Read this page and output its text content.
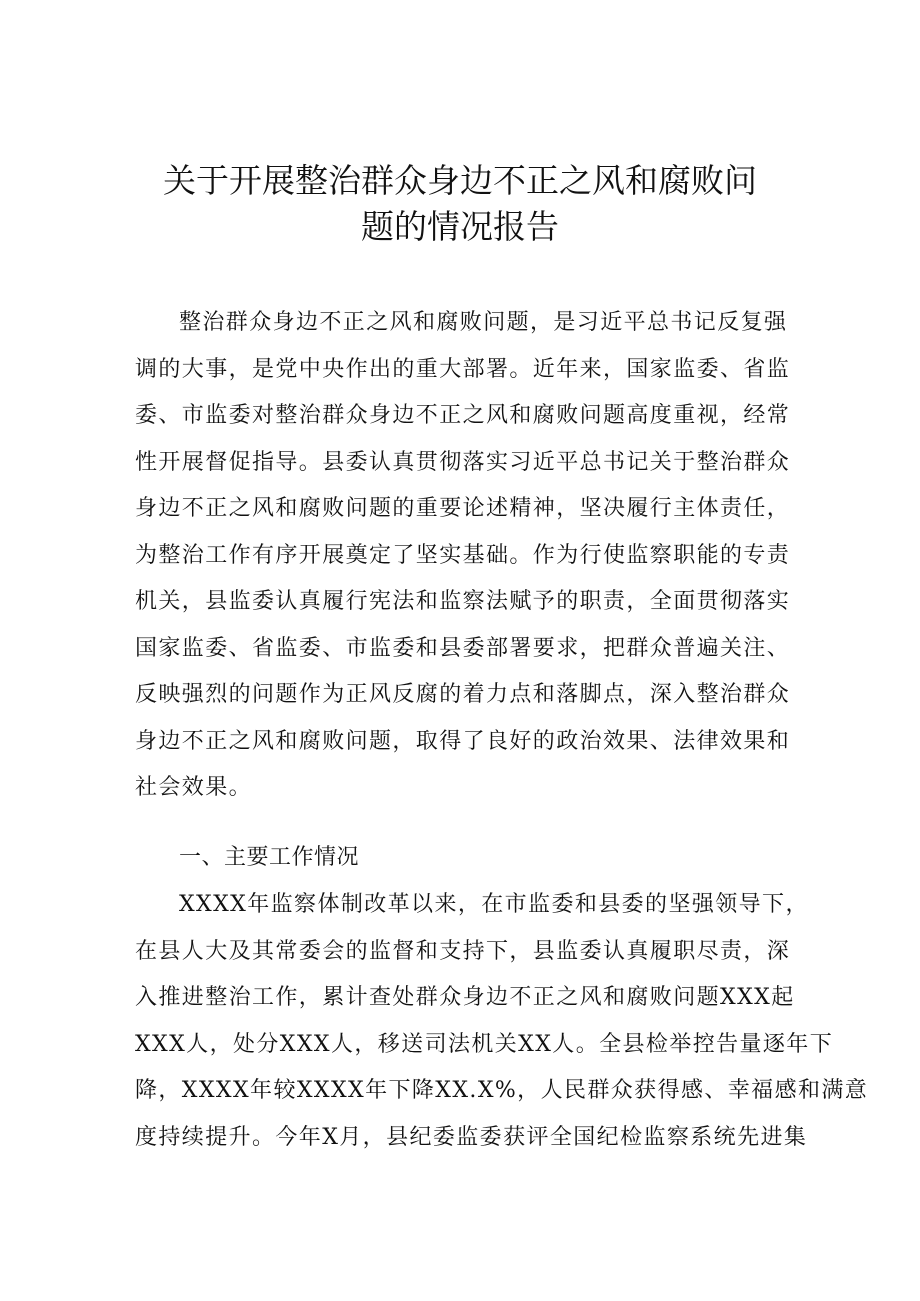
关于开展整治群众身边不正之风和腐败问
题的情况报告
整治群众身边不正之风和腐败问题，是习近平总书记反复强
调的大事，是党中央作出的重大部署。近年来，国家监委、省监
委、市监委对整治群众身边不正之风和腐败问题高度重视，经常
性开展督促指导。县委认真贯彻落实习近平总书记关于整治群众
身边不正之风和腐败问题的重要论述精神，坚决履行主体责任，
为整治工作有序开展奠定了坚实基础。作为行使监察职能的专责
机关，县监委认真履行宪法和监察法赋予的职责，全面贯彻落实
国家监委、省监委、市监委和县委部署要求，把群众普遍关注、
反映强烈的问题作为正风反腐的着力点和落脚点，深入整治群众
身边不正之风和腐败问题，取得了良好的政治效果、法律效果和
社会效果。
一、主要工作情况
XXXX年监察体制改革以来，在市监委和县委的坚强领导下，
在县人大及其常委会的监督和支持下，县监委认真履职尽责，深
入推进整治工作，累计查处群众身边不正之风和腐败问题XXX起
XXX人，处分XXX人，移送司法机关XX人。全县检举控告量逐年下
降，XXXX年较XXXX年下降XX.X%，人民群众获得感、幸福感和满意
度持续提升。今年X月，县纪委监委获评全国纪检监察系统先进集
